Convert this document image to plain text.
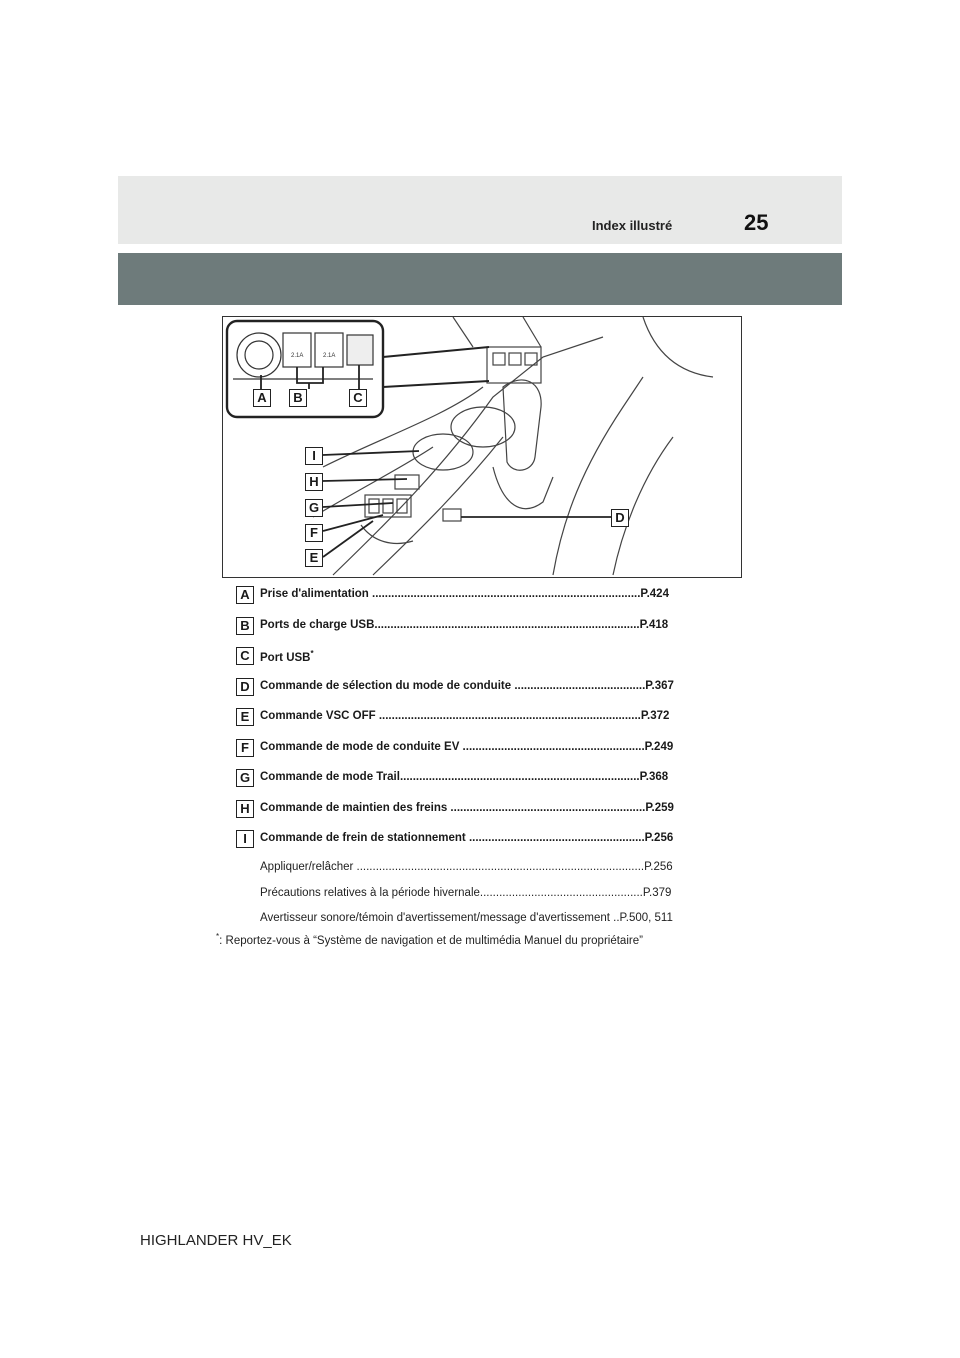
Index illustré	25
2.1A	2.1A
A	B	C
D
E
F
G
H
I
A Prise d'alimentation ....................................................................................P.424
B Ports de charge USB...................................................................................P.418
C Port USB*
D Commande de sélection du mode de conduite .........................................P.367
E Commande VSC OFF ..................................................................................P.372
F Commande de mode de conduite EV .........................................................P.249
G Commande de mode Trail...........................................................................P.368
H Commande de maintien des freins .............................................................P.259
I	Commande de frein de stationnement .......................................................P.256
Appliquer/relâcher ..........................................................................................P.256
Précautions relatives à la période hivernale...................................................P.379
Avertisseur sonore/témoin d'avertissement/message d'avertissement ..P.500, 511
*: Reportez-vous à “Système de navigation et de multimédia Manuel du propriétaire”
HIGHLANDER HV_EK
